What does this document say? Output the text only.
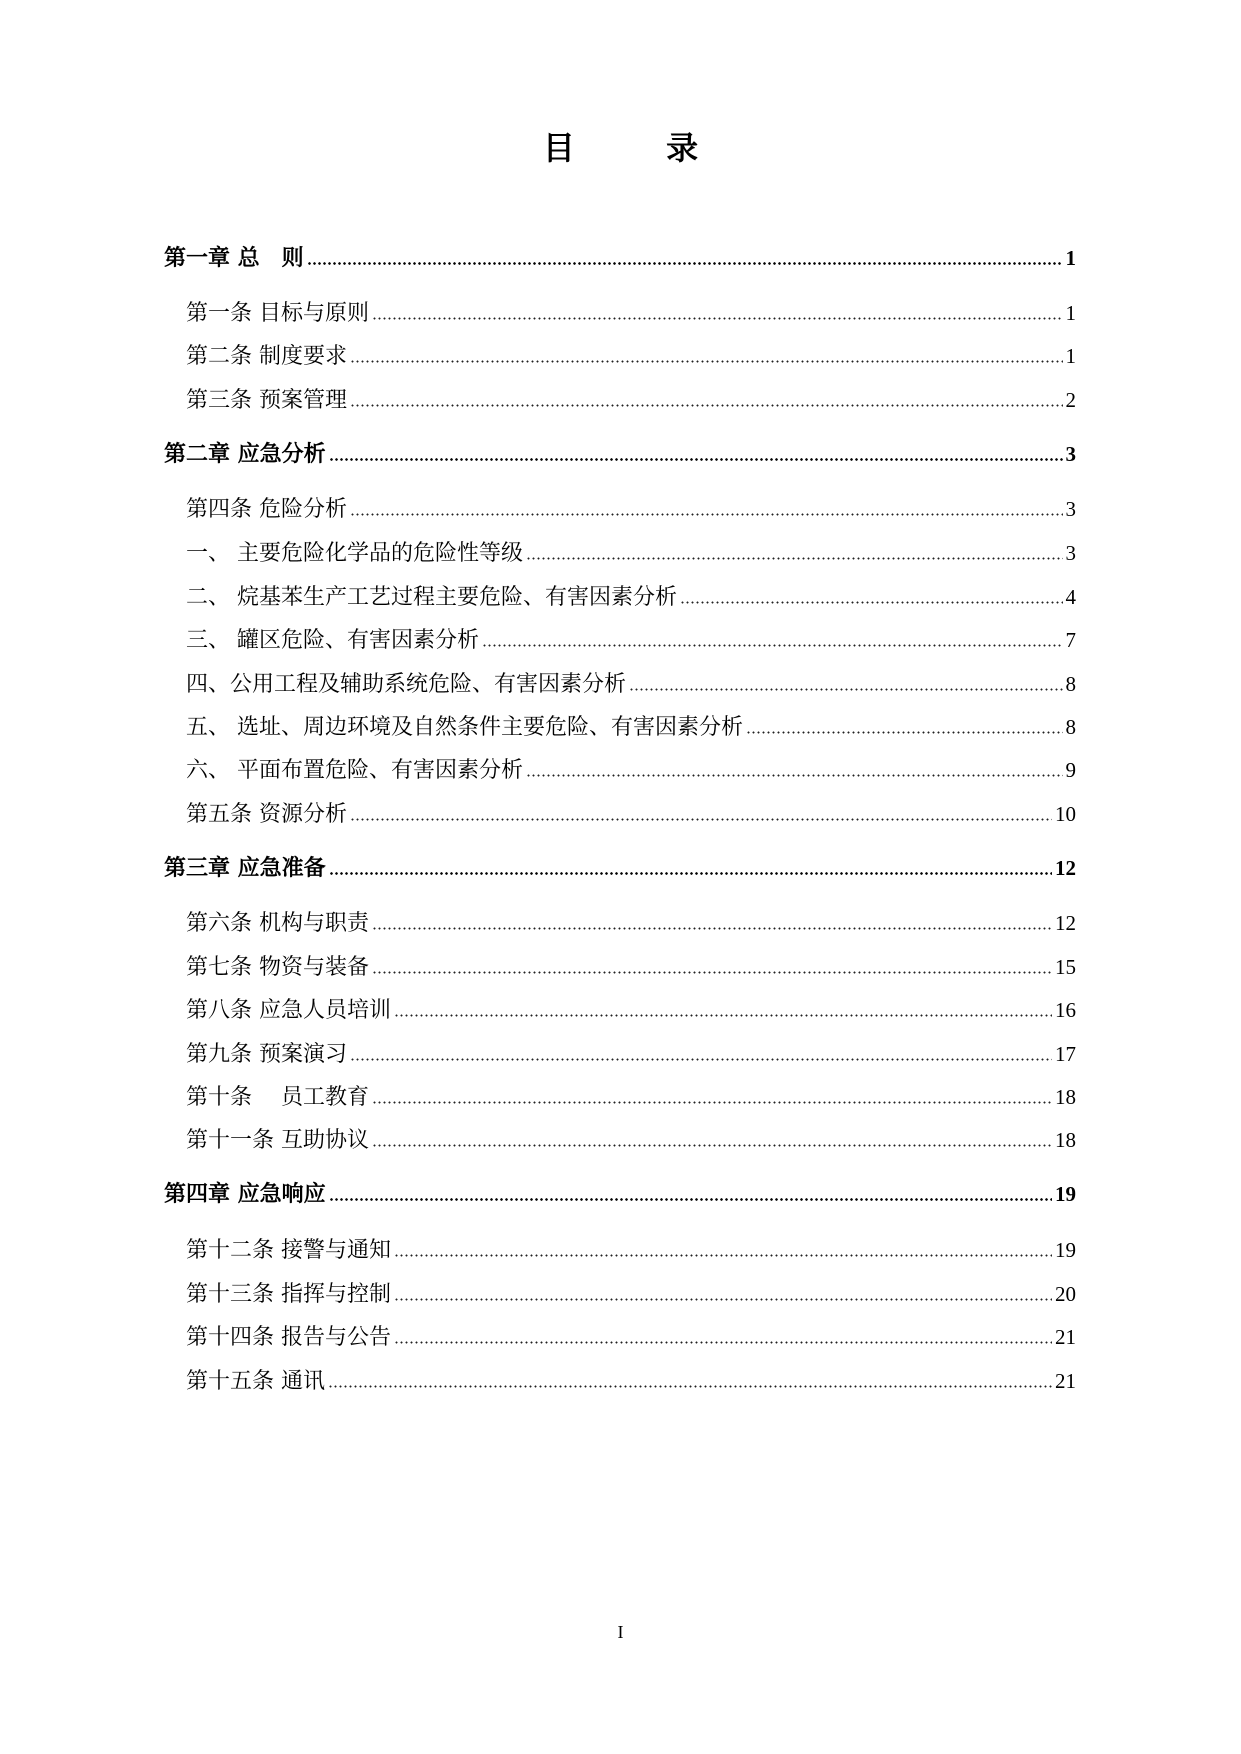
目 录
第一章 总　则	1
第一条 目标与原则	1
第二条 制度要求	1
第三条 预案管理	2
第二章 应急分析	3
第四条 危险分析	3
一、 主要危险化学品的危险性等级	3
二、 烷基苯生产工艺过程主要危险、有害因素分析	4
三、 罐区危险、有害因素分析	7
四、公用工程及辅助系统危险、有害因素分析	8
五、 选址、周边环境及自然条件主要危险、有害因素分析	8
六、 平面布置危险、有害因素分析	9
第五条 资源分析	10
第三章 应急准备	12
第六条 机构与职责	12
第七条 物资与装备	15
第八条 应急人员培训	16
第九条 预案演习	17
第十条　 员工教育	18
第十一条 互助协议	18
第四章 应急响应	19
第十二条 接警与通知	19
第十三条 指挥与控制	20
第十四条 报告与公告	21
第十五条 通讯	21
I
